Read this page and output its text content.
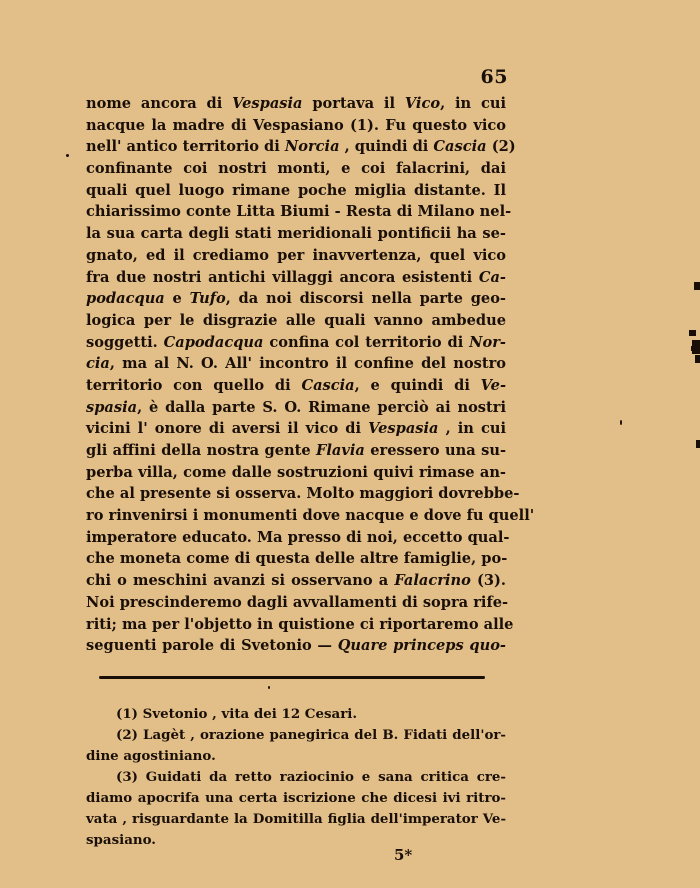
65
nome ancora di Vespasia portava il Vico, in cui
nacque la madre di Vespasiano (1). Fu questo vico
nell' antico territorio di Norcia , quindi di Cascia (2)
confinante coi nostri monti, e coi falacrini, dai
quali quel luogo rimane poche miglia distante. Il
chiarissimo conte Litta Biumi - Resta di Milano nel-
la sua carta degli stati meridionali pontificii ha se-
gnato, ed il crediamo per inavvertenza, quel vico
fra due nostri antichi villaggi ancora esistenti Ca-
podacqua e Tufo, da noi discorsi nella parte geo-
logica per le disgrazie alle quali vanno ambedue
soggetti. Capodacqua confina col territorio di Nor-
cia, ma al N. O. All' incontro il confine del nostro
territorio con quello di Cascia, e quindi di Ve-
spasia, è dalla parte S. O. Rimane perciò ai nostri
vicini l' onore di aversi il vico di Vespasia , in cui
gli affini della nostra gente Flavia eressero una su-
perba villa, come dalle sostruzioni quivi rimase an-
che al presente si osserva. Molto maggiori dovrebbe-
ro rinvenirsi i monumenti dove nacque e dove fu quell'
imperatore educato. Ma presso di noi, eccetto qual-
che moneta come di questa delle altre famiglie, po-
chi o meschini avanzi si osservano a Falacrino (3).
Noi prescinderemo dagli avvallamenti di sopra rife-
riti; ma per l'objetto in quistione ci riportaremo alle
seguenti parole di Svetonio — Quare princeps quo-
(1) Svetonio , vita dei 12 Cesari.
(2) Lagèt , orazione panegirica del B. Fidati dell'or-
dine agostiniano.
(3) Guidati da retto raziocinio e sana critica cre-
diamo apocrifa una certa iscrizione che dicesi ivi ritro-
vata , risguardante la Domitilla figlia dell'imperator Ve-
spasiano.
5*
